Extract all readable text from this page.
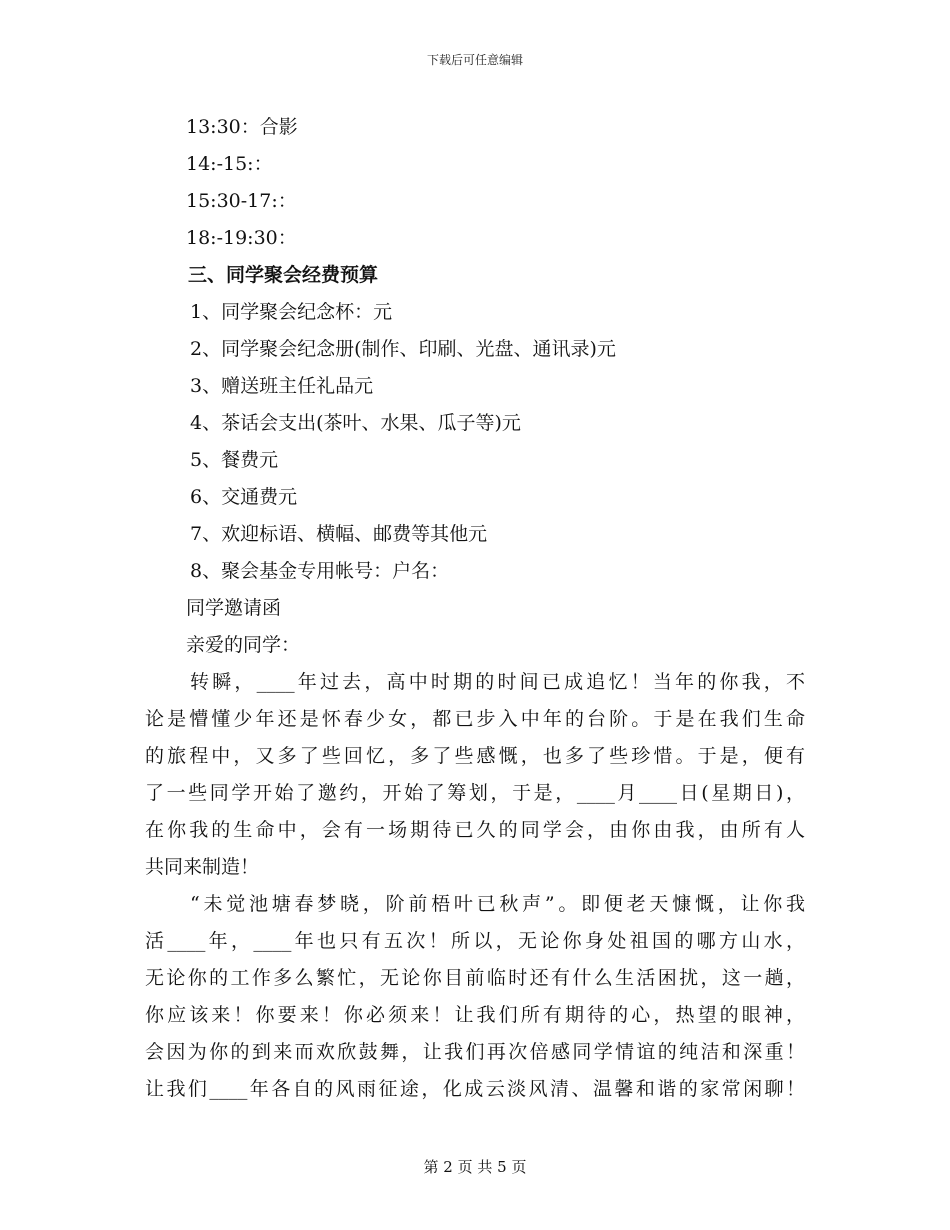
下载后可任意编辑
13:30：合影
14:-15:：
15:30-17:：
18:-19:30：
三、同学聚会经费预算
1、同学聚会纪念杯：元
2、同学聚会纪念册(制作、印刷、光盘、通讯录)元
3、赠送班主任礼品元
4、茶话会支出(茶叶、水果、瓜子等)元
5、餐费元
6、交通费元
7、欢迎标语、横幅、邮费等其他元
8、聚会基金专用帐号：户名：
同学邀请函
亲爱的同学：
转瞬，____年过去，高中时期的时间已成追忆！当年的你我，不
论是懵懂少年还是怀春少女，都已步入中年的台阶。于是在我们生命
的旅程中，又多了些回忆，多了些感慨，也多了些珍惜。于是，便有
了一些同学开始了邀约，开始了筹划，于是，____月____日(星期日)，
在你我的生命中，会有一场期待已久的同学会，由你由我，由所有人
共同来制造！
“未觉池塘春梦晓，阶前梧叶已秋声”。即便老天慷慨，让你我
活____年，____年也只有五次！所以，无论你身处祖国的哪方山水，
无论你的工作多么繁忙，无论你目前临时还有什么生活困扰，这一趟，
你应该来！你要来！你必须来！让我们所有期待的心，热望的眼神，
会因为你的到来而欢欣鼓舞，让我们再次倍感同学情谊的纯洁和深重！
让我们____年各自的风雨征途，化成云淡风清、温馨和谐的家常闲聊！
第 2 页 共 5 页
